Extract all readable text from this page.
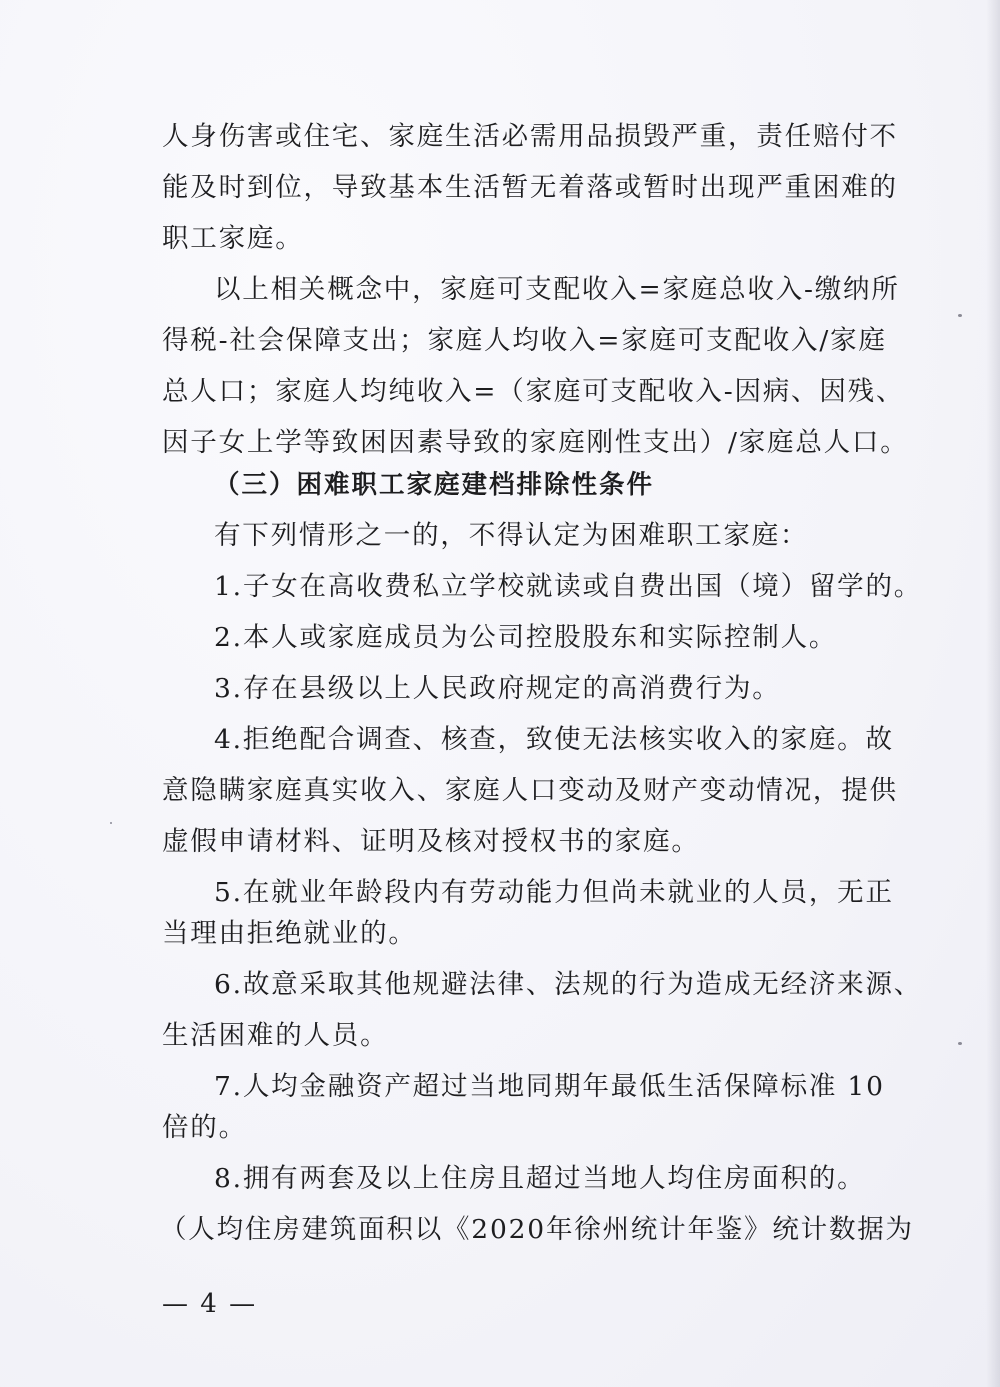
人身伤害或住宅、家庭生活必需用品损毁严重，责任赔付不
能及时到位，导致基本生活暂无着落或暂时出现严重困难的
职工家庭。
以上相关概念中，家庭可支配收入=家庭总收入-缴纳所
得税-社会保障支出；家庭人均收入=家庭可支配收入/家庭
总人口；家庭人均纯收入=（家庭可支配收入-因病、因残、
因子女上学等致困因素导致的家庭刚性支出）/家庭总人口。
（三）困难职工家庭建档排除性条件
有下列情形之一的，不得认定为困难职工家庭：
1.子女在高收费私立学校就读或自费出国（境）留学的。
2.本人或家庭成员为公司控股股东和实际控制人。
3.存在县级以上人民政府规定的高消费行为。
4.拒绝配合调查、核查，致使无法核实收入的家庭。故
意隐瞒家庭真实收入、家庭人口变动及财产变动情况，提供
虚假申请材料、证明及核对授权书的家庭。
5.在就业年龄段内有劳动能力但尚未就业的人员，无正
当理由拒绝就业的。
6.故意采取其他规避法律、法规的行为造成无经济来源、
生活困难的人员。
7.人均金融资产超过当地同期年最低生活保障标准 10
倍的。
8.拥有两套及以上住房且超过当地人均住房面积的。
（人均住房建筑面积以《2020年徐州统计年鉴》统计数据为
— 4 —
